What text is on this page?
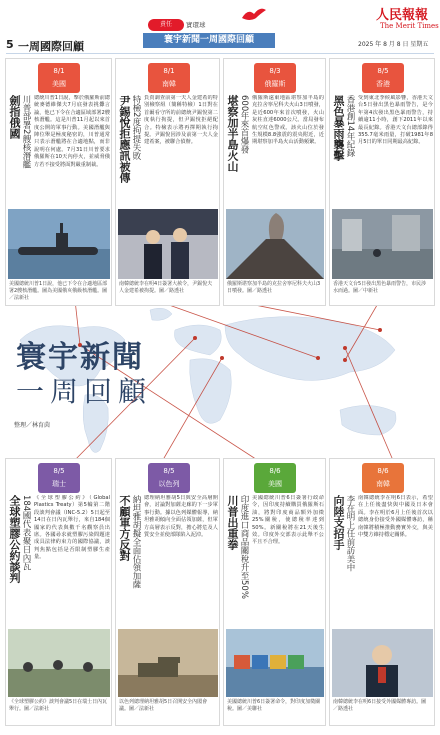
5 一周國際回顧
責任	實環球
寰宇新聞一周國際回顧
人民報報
The Merit Times
2025 年 8 月 8 日 星期五
寰宇新聞
一周回顧
整理／林育茵
8/1
美國
劍指俄國 川普部署2艘核潛艦 總統川普1日說，擊於俄羅斯前總統麥德維傑夫7月底發表挑釁言論，他已下令在合適區域部署2艘核潛艦。這是川普11月起以來首度公開的軍事行動。美國潛艦與陣位舉是極度秘密的，川普通常只表示潛艦將在合適地點，而非說明在何處。7月31日川普要求俄羅斯在10天內停火，並威脅俄方若不接受將面對嚴重制裁。
美國總統川普1日說，他已下令在合適地區部署2艘核潛艦。圖為美國俄亥俄級核潛艦。圖／法新社
8/1
南韓
尹錫悅拒應訊被傳 特檢2度拘提失敗 負責調查前第一夫人金建希的特別檢察組（簡稱特檢）1日對在首爾看守所的前總統尹錫悅第二度執行拘提，但尹錫悅拒絕配合。特檢表示將再擇期執行拘提。尹錫悅因涉及前第一夫人金建希案，被聯合偵辦。
南韓總統李在明4日簽署大赦令，尹錫悅夫人金建希被拘提。圖／路透社
8/3
俄羅斯
堪察加半島火山 600年來首爆發 俄羅斯遠東地區堪察加半島的克拉舍寧尼科夫火山3日噴發，是近600年來首次噴發，火山灰柱直達6000公尺。當局發布航空紅色警戒。該火山位於發生規模8.8強震的震央附近，近期堪察加半島火山活動頻繁。
俄羅斯堪察加半島的克拉舍寧尼科夫火山3日噴發。圖／路透社
8/5
香港
黑色暴雨襲擊 香港創14年紀錄 受到東北季候風影響，香港天文台5日發出黑色暴雨警告，是今年第4次發出黑色暴雨警告，持續逾11小時，創下2011年以來最長紀錄。香港天文台總部錄得355.7毫米雨量，打破1981年8月5日的單日同期最高紀錄。
香港天文台5日發出黑色暴雨警告，市民涉水而過。圖／中新社
8/5
瑞士
全球塑膠公約談判 184國代表聚日內瓦 《全球塑膠公約》（Global Plastics Treaty）第5輪第二階段談判會議（INC-5.2）5日起至14日在日內瓦舉行，來自184個國家的代表與數千名觀察員出席。各國尋求就塑膠污染問題達成具法律約束力的國際協議，談判焦點包括是否限制塑膠生產量。
《全球塑膠公約》談判會議5日在瑞士日內瓦舉行。圖／法新社
8/5
以色列
不顧軍方反對 納坦雅胡擬全面佔領加薩 總理納坦雅胡5日與安全高層開會，討論對加薩走廊的下一步軍事行動。據以色列媒體報導，納坦雅胡傾向全面佔領加薩，但軍方高層表示反對，擔心將危及人質安全並使部隊陷入泥淖。
以色列總理納坦雅胡5日召開安全內閣會議。圖／法新社
8/6
美國
川普出重拳 印度進口商品關稅升至50% 美國總統川普6日簽署行政命令，因印度持續購買俄羅斯石油，將對印度商品額外加徵25%關稅，使總稅率達到50%。新關稅將在21天後生效。印度外交部表示此舉不公平且不合理。
美國總統川普6日簽署命令，對印度加徵關稅。圖／美聯社
8/6
南韓
向陸支招手 李在明上任前訪美中 南韓總統李在明6日表示，希望在上任後盡快與中國及日本會面。李在明於6月上任後首次以總統身份接受外國媒體專訪，稱南韓將積極推動務實外交，與美中雙方維持穩定關係。
南韓總統李在明6日接受外國媒體專訪。圖／路透社
